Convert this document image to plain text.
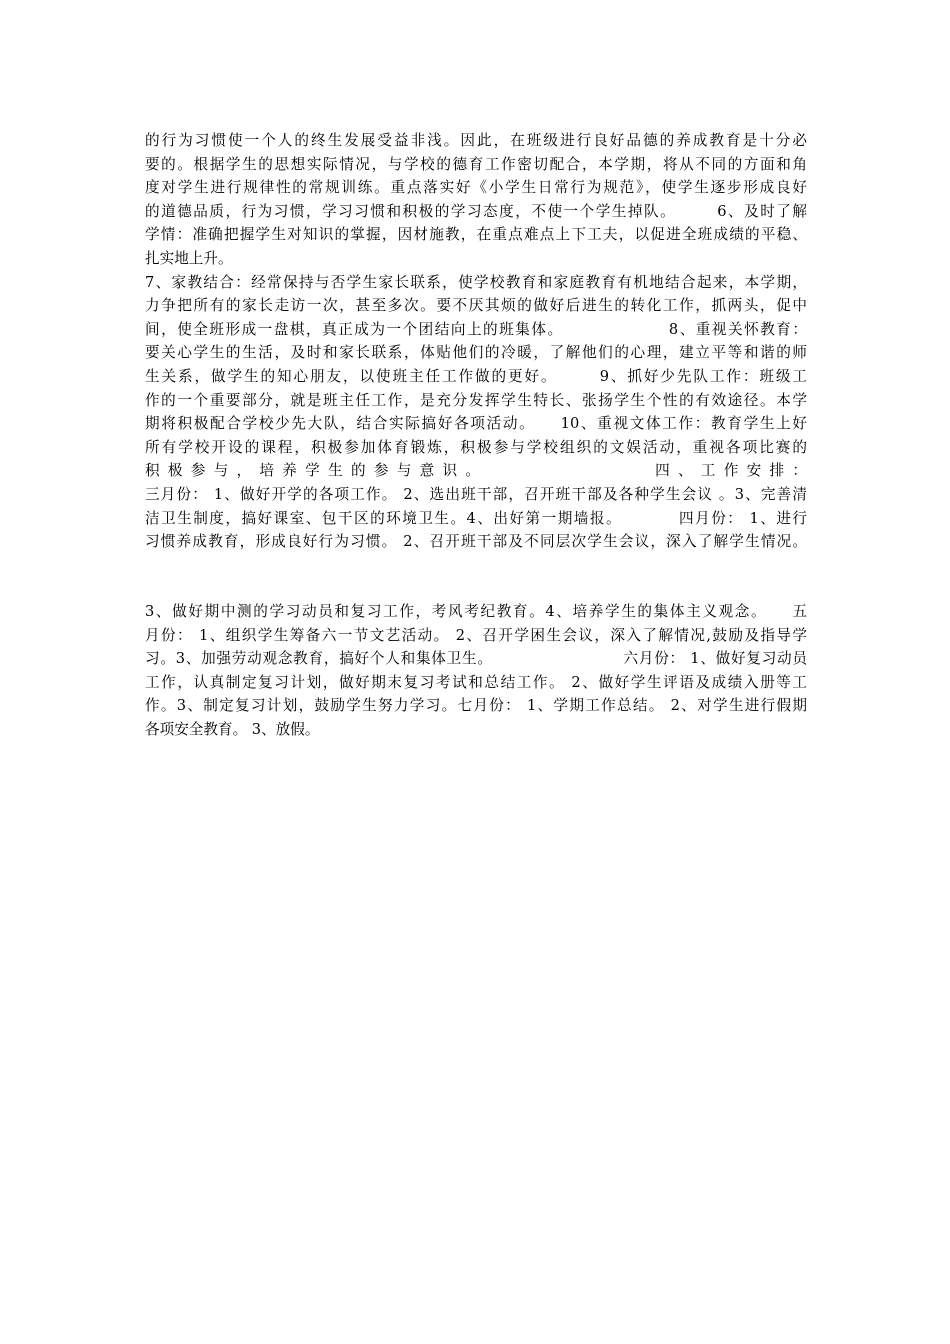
的行为习惯使一个人的终生发展受益非浅。因此，在班级进行良好品德的养成教育是十分必
要的。根据学生的思想实际情况，与学校的德育工作密切配合，本学期，将从不同的方面和角
度对学生进行规律性的常规训练。重点落实好《小学生日常行为规范》，使学生逐步形成良好
的道德品质，行为习惯，学习习惯和积极的学习态度，不使一个学生掉队。　　　6、及时了解
学情：准确把握学生对知识的掌握，因材施教，在重点难点上下工夫，以促进全班成绩的平稳、
扎实地上升。
7、家教结合：经常保持与否学生家长联系，使学校教育和家庭教育有机地结合起来，本学期，
力争把所有的家长走访一次，甚至多次。要不厌其烦的做好后进生的转化工作，抓两头，促中
间，使全班形成一盘棋，真正成为一个团结向上的班集体。　　　　　　　8、重视关怀教育：
要关心学生的生活，及时和家长联系，体贴他们的冷暖，了解他们的心理，建立平等和谐的师
生关系，做学生的知心朋友，以使班主任工作做的更好。　　　9、抓好少先队工作：班级工
作的一个重要部分，就是班主任工作，是充分发挥学生特长、张扬学生个性的有效途径。本学
期将积极配合学校少先大队，结合实际搞好各项活动。　　10、重视文体工作：教育学生上好
所有学校开设的课程，积极参加体育锻炼，积极参与学校组织的文娱活动，重视各项比赛的
积 极 参 与 ， 培 养 学 生 的 参 与 意 识 。　　　　　　　　　　　四 、 工 作 安 排 ：
三月份： 1、做好开学的各项工作。 2、选出班干部，召开班干部及各种学生会议 。3、完善清
洁卫生制度，搞好课室、包干区的环境卫生。4、出好第一期墙报。　　　　四月份： 1、进行
习惯养成教育，形成良好行为习惯。 2、召开班干部及不同层次学生会议，深入了解学生情况。
3、做好期中测的学习动员和复习工作，考风考纪教育。4、培养学生的集体主义观念。　　五
月份： 1、组织学生筹备六一节文艺活动。 2、召开学困生会议，深入了解情况,鼓励及指导学
习。3、加强劳动观念教育，搞好个人和集体卫生。　　　　　　　　　六月份： 1、做好复习动员
工作，认真制定复习计划，做好期末复习考试和总结工作。 2、做好学生评语及成绩入册等工
作。3、制定复习计划，鼓励学生努力学习。七月份： 1、学期工作总结。 2、对学生进行假期
各项安全教育。 3、放假。
